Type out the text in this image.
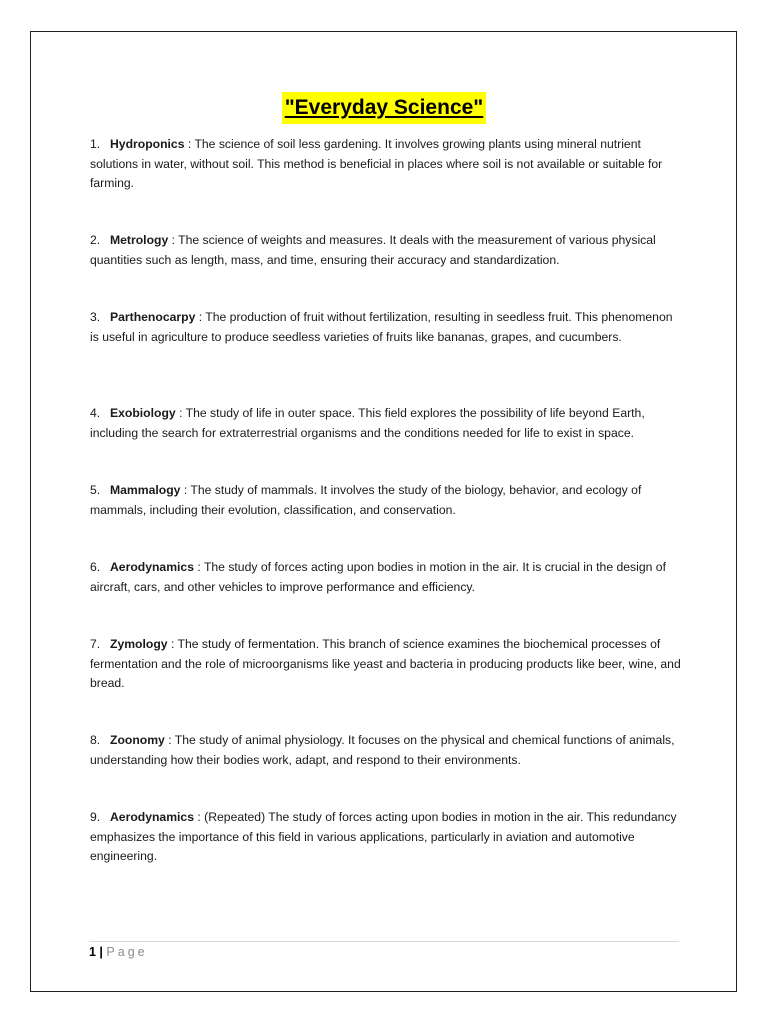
"Everyday Science"
1. Hydroponics : The science of soil less gardening. It involves growing plants using mineral nutrient solutions in water, without soil. This method is beneficial in places where soil is not available or suitable for farming.
2. Metrology : The science of weights and measures. It deals with the measurement of various physical quantities such as length, mass, and time, ensuring their accuracy and standardization.
3. Parthenocarpy : The production of fruit without fertilization, resulting in seedless fruit. This phenomenon is useful in agriculture to produce seedless varieties of fruits like bananas, grapes, and cucumbers.
4. Exobiology : The study of life in outer space. This field explores the possibility of life beyond Earth, including the search for extraterrestrial organisms and the conditions needed for life to exist in space.
5. Mammalogy : The study of mammals. It involves the study of the biology, behavior, and ecology of mammals, including their evolution, classification, and conservation.
6. Aerodynamics : The study of forces acting upon bodies in motion in the air. It is crucial in the design of aircraft, cars, and other vehicles to improve performance and efficiency.
7. Zymology : The study of fermentation. This branch of science examines the biochemical processes of fermentation and the role of microorganisms like yeast and bacteria in producing products like beer, wine, and bread.
8. Zoonomy : The study of animal physiology. It focuses on the physical and chemical functions of animals, understanding how their bodies work, adapt, and respond to their environments.
9. Aerodynamics : (Repeated) The study of forces acting upon bodies in motion in the air. This redundancy emphasizes the importance of this field in various applications, particularly in aviation and automotive engineering.
1 | Page
